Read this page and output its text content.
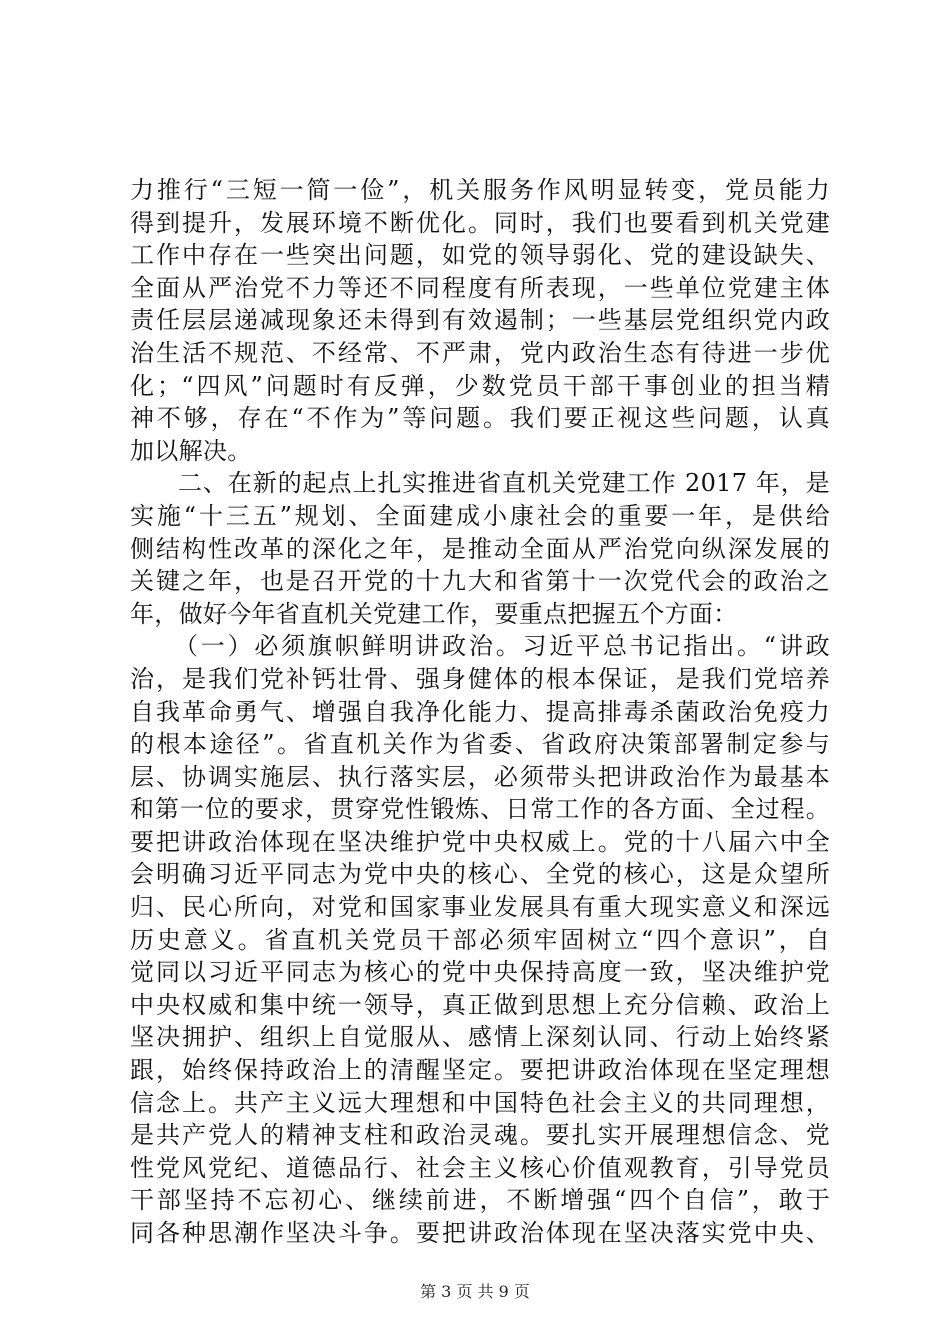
力推行“三短一简一俭”，机关服务作风明显转变，党员能力
得到提升，发展环境不断优化。同时，我们也要看到机关党建
工作中存在一些突出问题，如党的领导弱化、党的建设缺失、
全面从严治党不力等还不同程度有所表现，一些单位党建主体
责任层层递减现象还未得到有效遏制；一些基层党组织党内政
治生活不规范、不经常、不严肃，党内政治生态有待进一步优
化；“四风”问题时有反弹，少数党员干部干事创业的担当精
神不够，存在“不作为”等问题。我们要正视这些问题，认真
加以解决。
二、在新的起点上扎实推进省直机关党建工作 2017 年，是
实施“十三五”规划、全面建成小康社会的重要一年，是供给
侧结构性改革的深化之年，是推动全面从严治党向纵深发展的
关键之年，也是召开党的十九大和省第十一次党代会的政治之
年，做好今年省直机关党建工作，要重点把握五个方面：
（一）必须旗帜鲜明讲政治。习近平总书记指出。“讲政
治，是我们党补钙壮骨、强身健体的根本保证，是我们党培养
自我革命勇气、增强自我净化能力、提高排毒杀菌政治免疫力
的根本途径”。省直机关作为省委、省政府决策部署制定参与
层、协调实施层、执行落实层，必须带头把讲政治作为最基本
和第一位的要求，贯穿党性锻炼、日常工作的各方面、全过程。
要把讲政治体现在坚决维护党中央权威上。党的十八届六中全
会明确习近平同志为党中央的核心、全党的核心，这是众望所
归、民心所向，对党和国家事业发展具有重大现实意义和深远
历史意义。省直机关党员干部必须牢固树立“四个意识”，自
觉同以习近平同志为核心的党中央保持高度一致，坚决维护党
中央权威和集中统一领导，真正做到思想上充分信赖、政治上
坚决拥护、组织上自觉服从、感情上深刻认同、行动上始终紧
跟，始终保持政治上的清醒坚定。要把讲政治体现在坚定理想
信念上。共产主义远大理想和中国特色社会主义的共同理想，
是共产党人的精神支柱和政治灵魂。要扎实开展理想信念、党
性党风党纪、道德品行、社会主义核心价值观教育，引导党员
干部坚持不忘初心、继续前进，不断增强“四个自信”，敢于
同各种思潮作坚决斗争。要把讲政治体现在坚决落实党中央、
第 3 页 共 9 页
